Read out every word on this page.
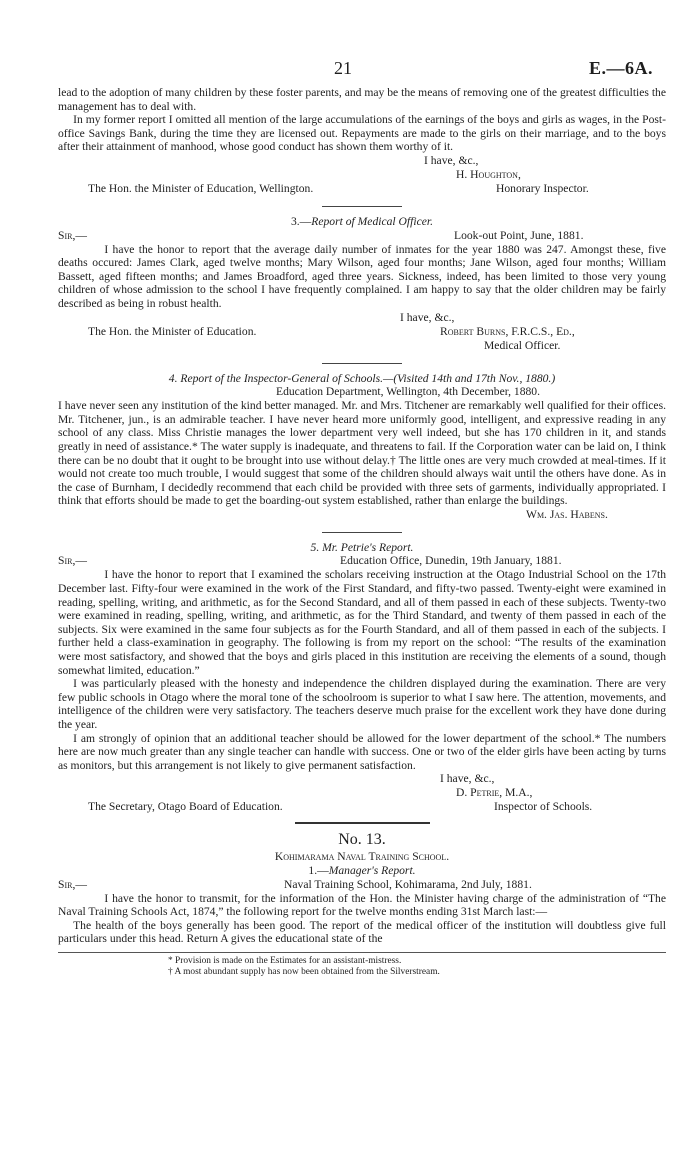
21	E.—6A.

lead to the adoption of many children by these foster parents, and may be the means of removing one of the greatest difficulties the management has to deal with.

In my former report I omitted all mention of the large accumulations of the earnings of the boys and girls as wages, in the Post-office Savings Bank, during the time they are licensed out. Repayments are made to the girls on their marriage, and to the boys after their attainment of manhood, whose good conduct has shown them worthy of it.

I have, &c.,
H. Houghton,
The Hon. the Minister of Education, Wellington.	Honorary Inspector.
3.—Report of Medical Officer.
Sir,—	Look-out Point, June, 1881.

I have the honor to report that the average daily number of inmates for the year 1880 was 247. Amongst these, five deaths occured: James Clark, aged twelve months; Mary Wilson, aged four months; Jane Wilson, aged four months; William Bassett, aged fifteen months; and James Broadford, aged three years. Sickness, indeed, has been limited to those very young children of whose admission to the school I have frequently complained. I am happy to say that the older children may be fairly described as being in robust health.

I have, &c.,
The Hon. the Minister of Education.	Robert Burns, F.R.C.S., Ed.,
Medical Officer.
4. Report of the Inspector-General of Schools.—(Visited 14th and 17th Nov., 1880.)
Education Department, Wellington, 4th December, 1880.

I have never seen any institution of the kind better managed. Mr. and Mrs. Titchener are remarkably well qualified for their offices. Mr. Titchener, jun., is an admirable teacher. I have never heard more uniformly good, intelligent, and expressive reading in any school of any class. Miss Christie manages the lower department very well indeed, but she has 170 children in it, and stands greatly in need of assistance.* The water supply is inadequate, and threatens to fail. If the Corporation water can be laid on, I think there can be no doubt that it ought to be brought into use without delay.† The little ones are very much crowded at meal-times. If it would not create too much trouble, I would suggest that some of the children should always wait until the others have done. As in the case of Burnham, I decidedly recommend that each child be provided with three sets of garments, individually appropriated. I think that efforts should be made to get the boarding-out system established, rather than enlarge the buildings.

Wm. Jas. Habens.
5. Mr. Petrie's Report.
Sir,—	Education Office, Dunedin, 19th January, 1881.

I have the honor to report that I examined the scholars receiving instruction at the Otago Industrial School on the 17th December last. Fifty-four were examined in the work of the First Standard, and fifty-two passed. Twenty-eight were examined in reading, spelling, writing, and arithmetic, as for the Second Standard, and all of them passed in each of these subjects. Twenty-two were examined in reading, spelling, writing, and arithmetic, as for the Third Standard, and twenty of them passed in each of the subjects. Six were examined in the same four subjects as for the Fourth Standard, and all of them passed in each of the subjects. I further held a class-examination in geography. The following is from my report on the school: “The results of the examination were most satisfactory, and showed that the boys and girls placed in this institution are receiving the elements of a sound, though somewhat limited, education.”

I was particularly pleased with the honesty and independence the children displayed during the examination. There are very few public schools in Otago where the moral tone of the schoolroom is superior to what I saw here. The attention, movements, and intelligence of the children were very satisfactory. The teachers deserve much praise for the excellent work they have done during the year.

I am strongly of opinion that an additional teacher should be allowed for the lower department of the school.* The numbers here are now much greater than any single teacher can handle with success. One or two of the elder girls have been acting by turns as monitors, but this arrangement is not likely to give permanent satisfaction.

I have, &c.,
D. Petrie, M.A.,
The Secretary, Otago Board of Education.	Inspector of Schools.
No. 13.
Kohimarama Naval Training School.
1.—Manager's Report.
Sir,—	Naval Training School, Kohimarama, 2nd July, 1881.

I have the honor to transmit, for the information of the Hon. the Minister having charge of the administration of “The Naval Training Schools Act, 1874,” the following report for the twelve months ending 31st March last:—

The health of the boys generally has been good. The report of the medical officer of the institution will doubtless give full particulars under this head. Return A gives the educational state of the

* Provision is made on the Estimates for an assistant-mistress.
† A most abundant supply has now been obtained from the Silverstream.
